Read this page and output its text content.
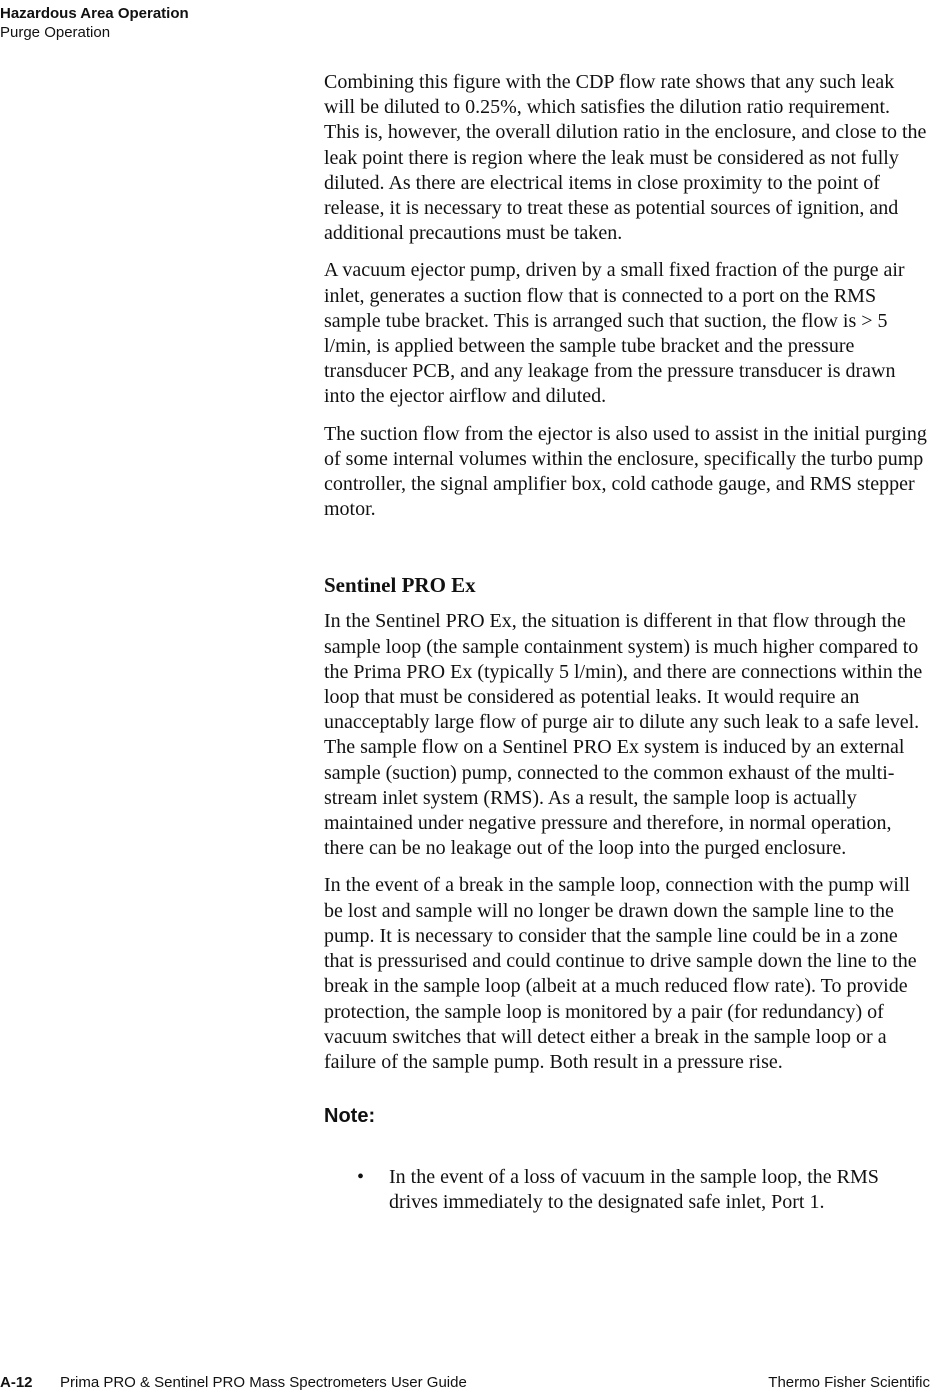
Hazardous Area Operation
Purge Operation

Combining this figure with the CDP flow rate shows that any such leak will be diluted to 0.25%, which satisfies the dilution ratio requirement. This is, however, the overall dilution ratio in the enclosure, and close to the leak point there is region where the leak must be considered as not fully diluted. As there are electrical items in close proximity to the point of release, it is necessary to treat these as potential sources of ignition, and additional precautions must be taken.

A vacuum ejector pump, driven by a small fixed fraction of the purge air inlet, generates a suction flow that is connected to a port on the RMS sample tube bracket. This is arranged such that suction, the flow is > 5 l/min, is applied between the sample tube bracket and the pressure transducer PCB, and any leakage from the pressure transducer is drawn into the ejector airflow and diluted.

The suction flow from the ejector is also used to assist in the initial purging of some internal volumes within the enclosure, specifically the turbo pump controller, the signal amplifier box, cold cathode gauge, and RMS stepper motor.

Sentinel PRO Ex

In the Sentinel PRO Ex, the situation is different in that flow through the sample loop (the sample containment system) is much higher compared to the Prima PRO Ex (typically 5 l/min), and there are connections within the loop that must be considered as potential leaks. It would require an unacceptably large flow of purge air to dilute any such leak to a safe level. The sample flow on a Sentinel PRO Ex system is induced by an external sample (suction) pump, connected to the common exhaust of the multi-stream inlet system (RMS). As a result, the sample loop is actually maintained under negative pressure and therefore, in normal operation, there can be no leakage out of the loop into the purged enclosure.

In the event of a break in the sample loop, connection with the pump will be lost and sample will no longer be drawn down the sample line to the pump. It is necessary to consider that the sample line could be in a zone that is pressurised and could continue to drive sample down the line to the break in the sample loop (albeit at a much reduced flow rate). To provide protection, the sample loop is monitored by a pair (for redundancy) of vacuum switches that will detect either a break in the sample loop or a failure of the sample pump. Both result in a pressure rise.

Note:
• In the event of a loss of vacuum in the sample loop, the RMS drives immediately to the designated safe inlet, Port 1.
A-12 Prima PRO & Sentinel PRO Mass Spectrometers User Guide	Thermo Fisher Scientific
